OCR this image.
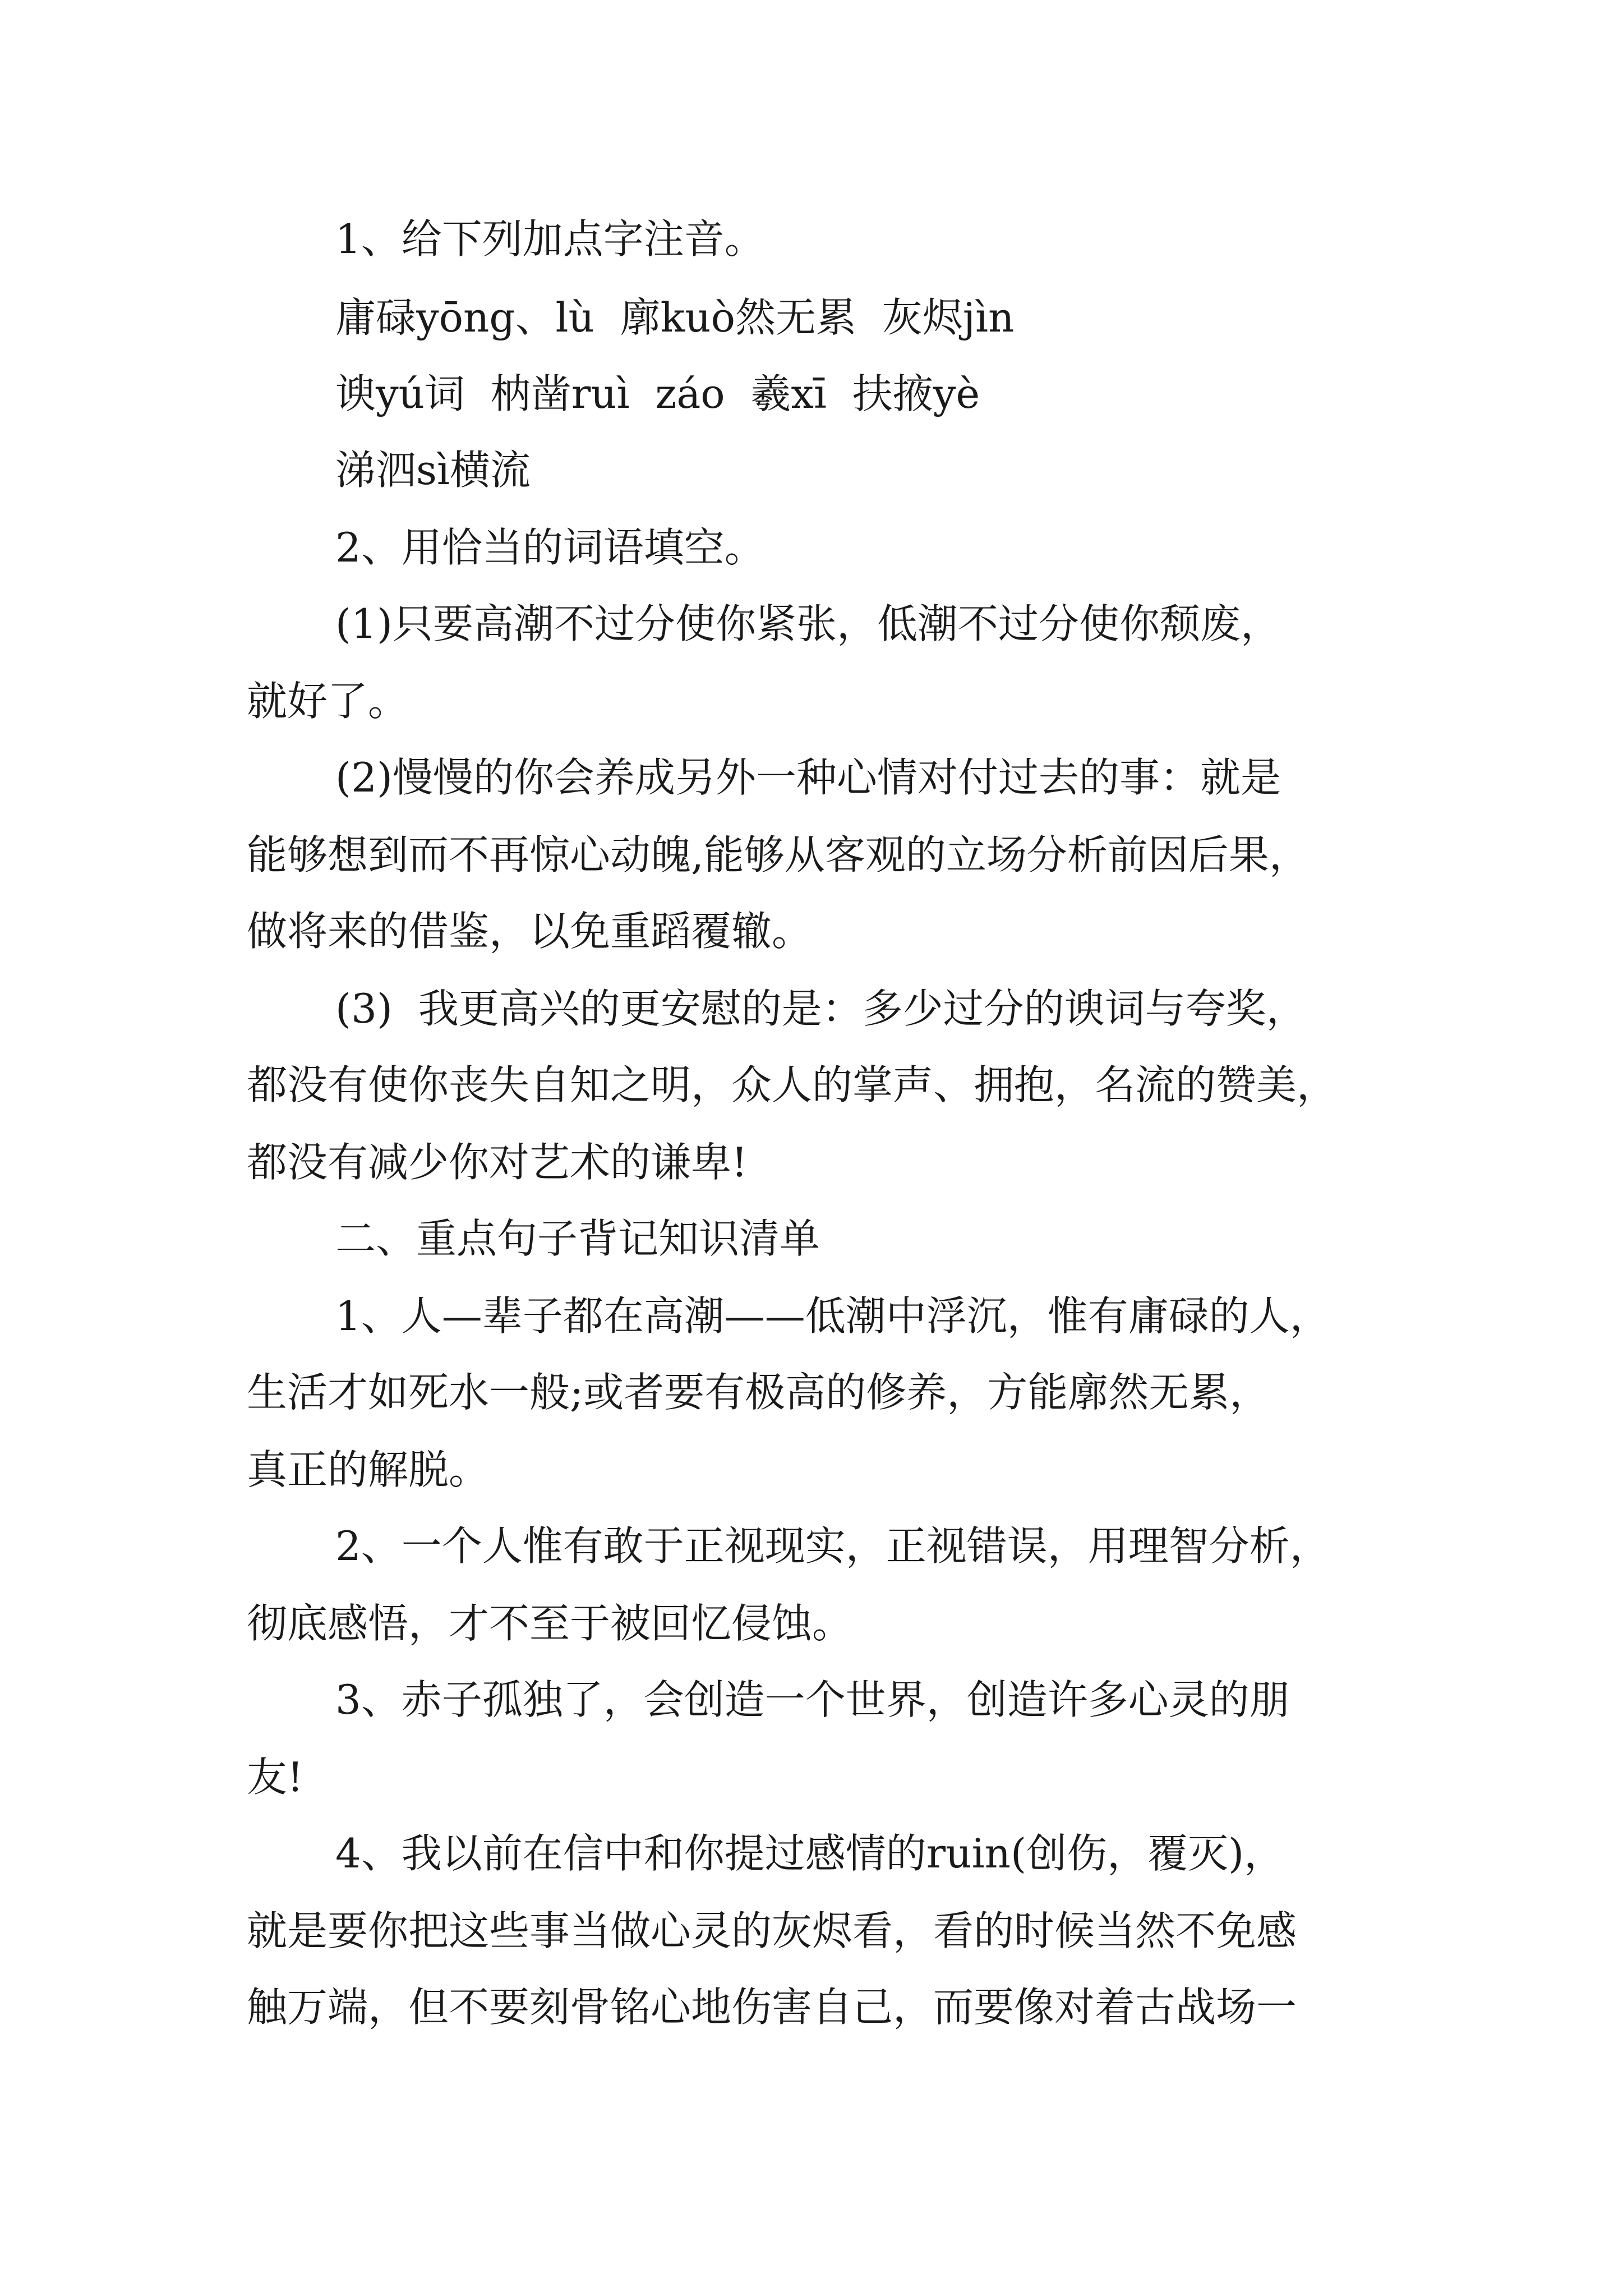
1、给下列加点字注音。
庸碌yōng、lù  廓kuò然无累  灰烬jìn
谀yú词  枘凿ruì  záo  羲xī  扶掖yè
涕泗sì横流
2、用恰当的词语填空。
(1)只要高潮不过分使你紧张，低潮不过分使你颓废，
就好了。
(2)慢慢的你会养成另外一种心情对付过去的事：就是
能够想到而不再惊心动魄,能够从客观的立场分析前因后果，
做将来的借鉴，以免重蹈覆辙。
(3)  我更高兴的更安慰的是：多少过分的谀词与夸奖，
都没有使你丧失自知之明，众人的掌声、拥抱，名流的赞美，
都没有减少你对艺术的谦卑!
二、重点句子背记知识清单
1、人—辈子都在高潮——低潮中浮沉，惟有庸碌的人，
生活才如死水一般;或者要有极高的修养，方能廓然无累，
真正的解脱。
2、一个人惟有敢于正视现实，正视错误，用理智分析，
彻底感悟，才不至于被回忆侵蚀。
3、赤子孤独了，会创造一个世界，创造许多心灵的朋
友!
4、我以前在信中和你提过感情的ruin(创伤，覆灭)，
就是要你把这些事当做心灵的灰烬看，看的时候当然不免感
触万端，但不要刻骨铭心地伤害自己，而要像对着古战场一
